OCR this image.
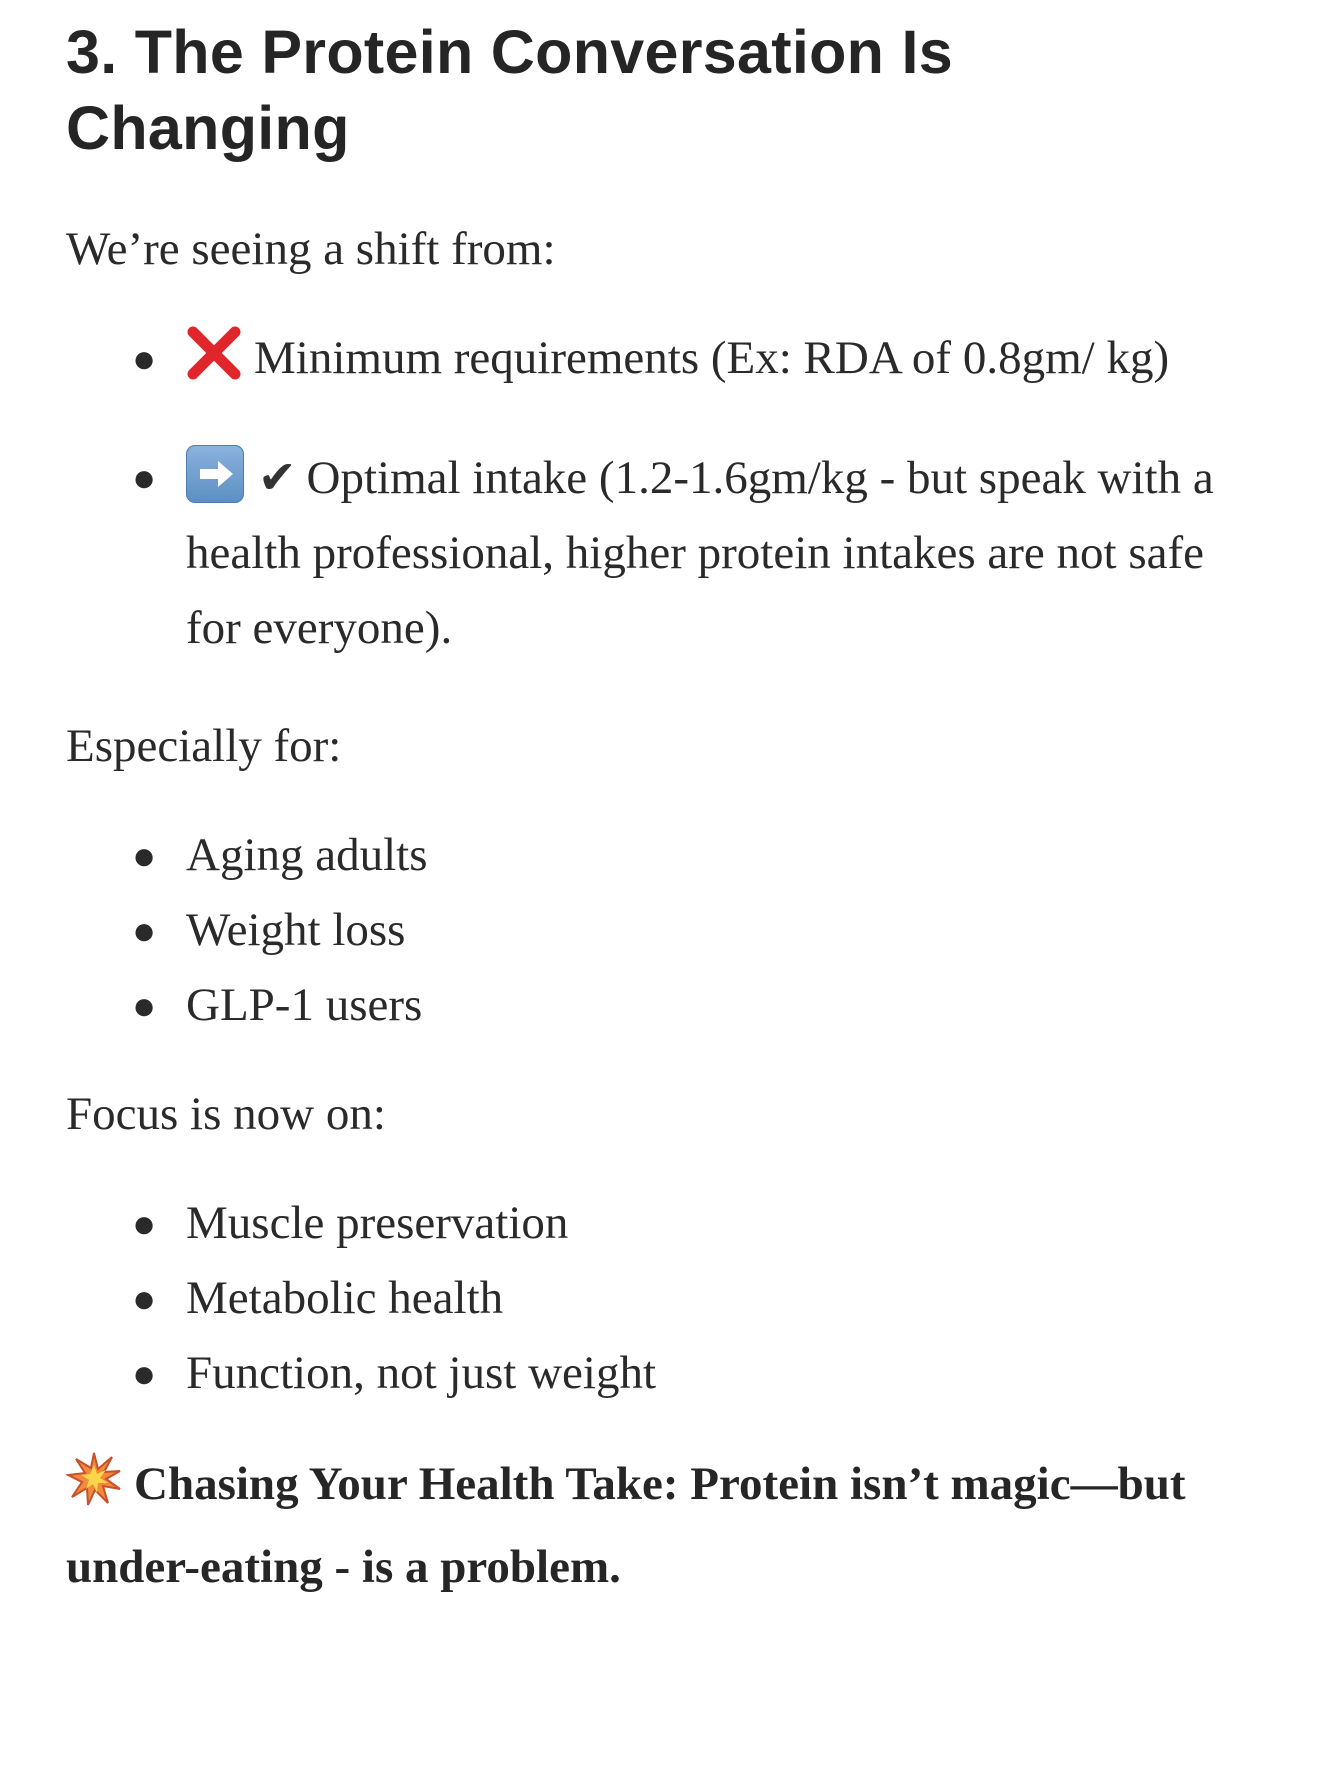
3. The Protein Conversation Is Changing

We’re seeing a shift from:

● Minimum requirements (Ex: RDA of 0.8gm/ kg)
● ✔ Optimal intake (1.2-1.6gm/kg - but speak with a health professional, higher protein intakes are not safe for everyone).

Especially for:

● Aging adults
● Weight loss
● GLP-1 users

Focus is now on:

● Muscle preservation
● Metabolic health
● Function, not just weight

Chasing Your Health Take: Protein isn’t magic—but under-eating - is a problem.
